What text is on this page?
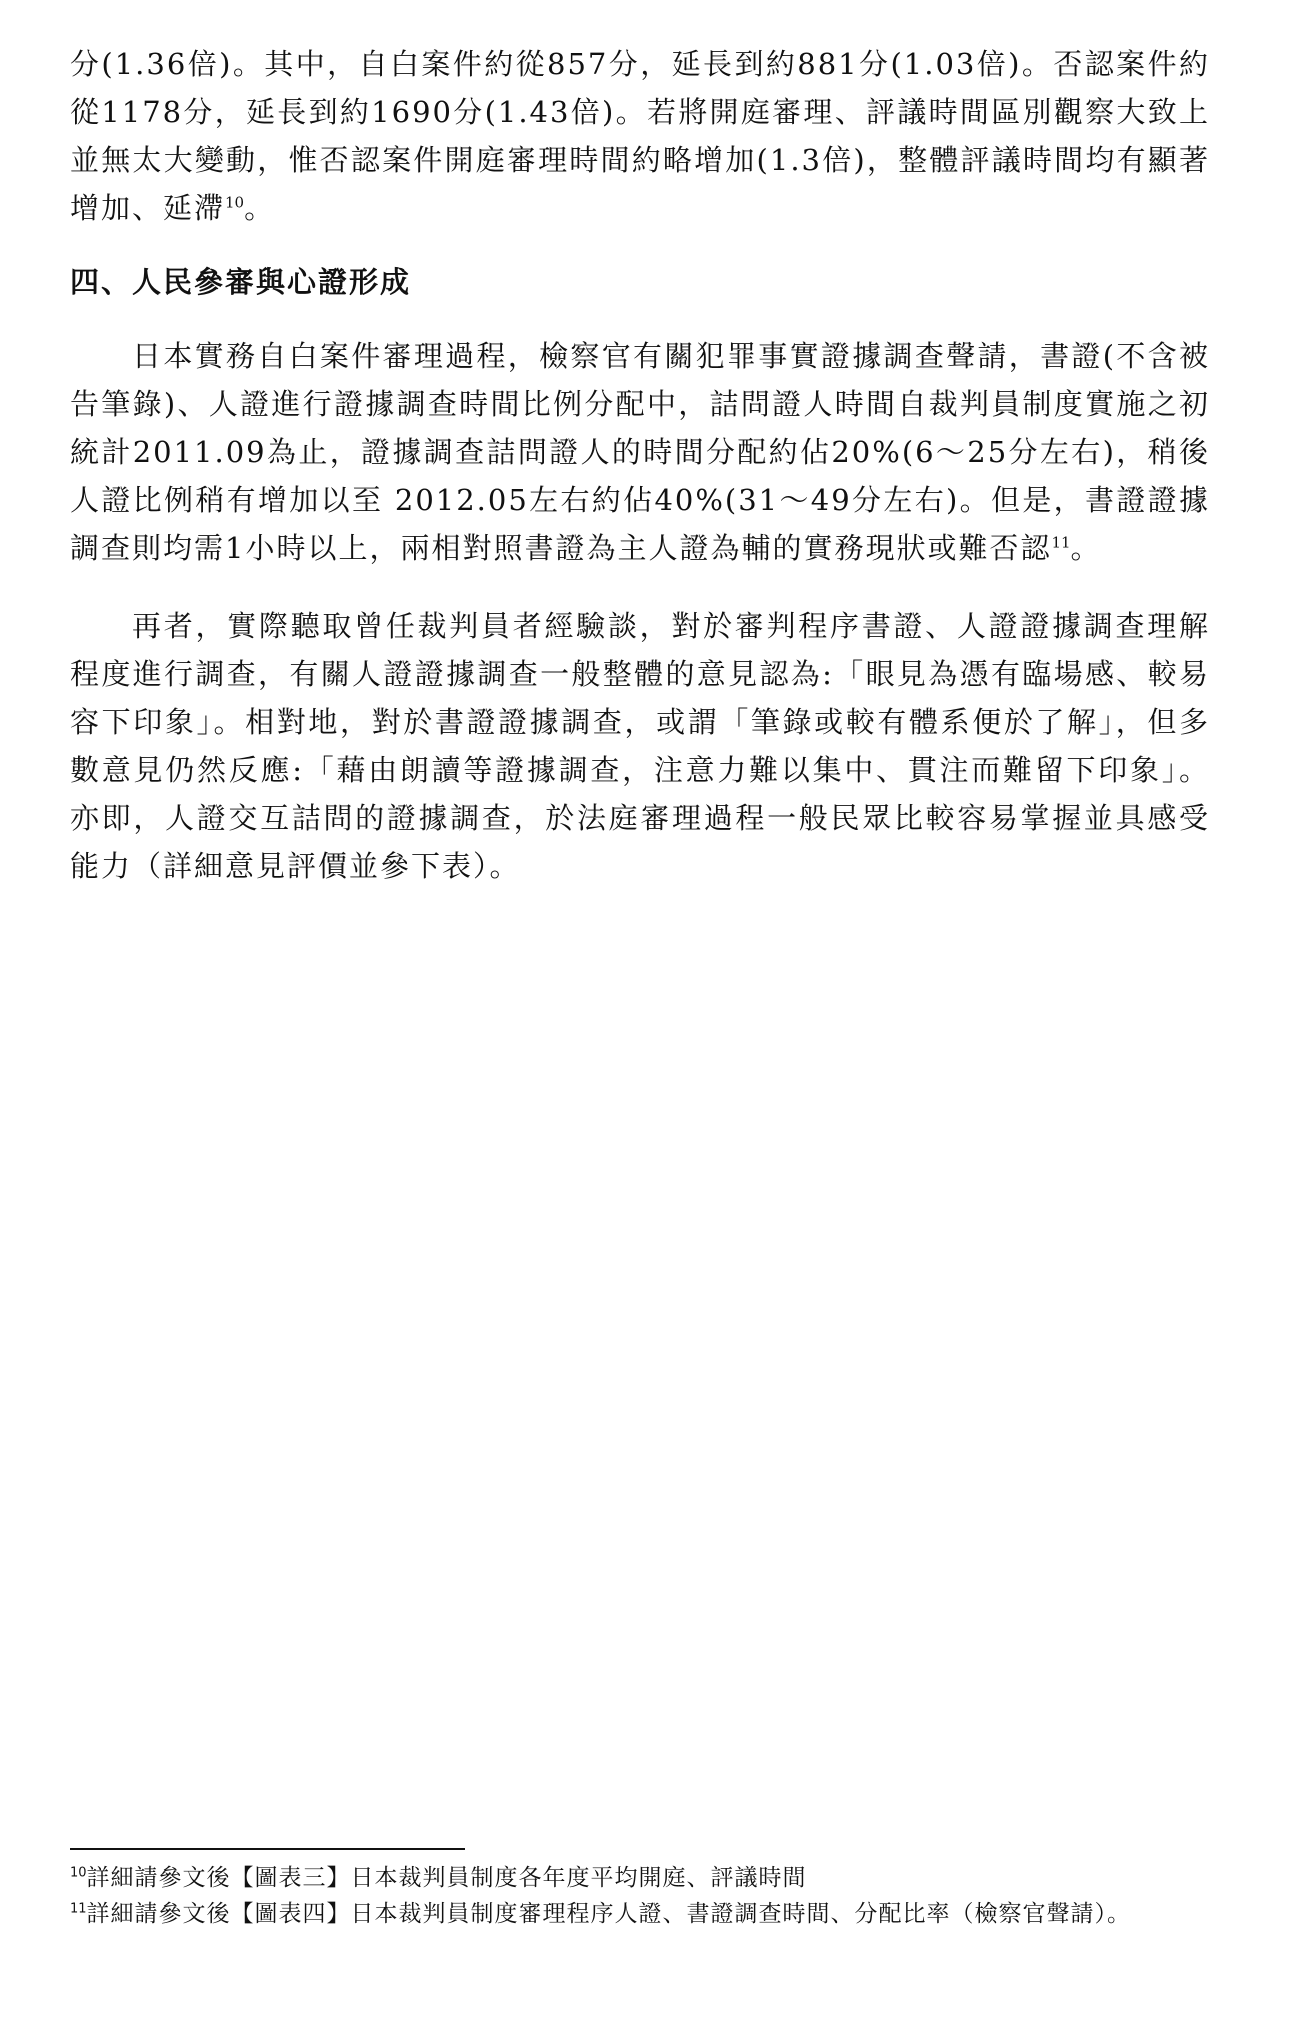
分(1.36倍)。其中，自白案件約從857分，延長到約881分(1.03倍)。否認案件約從1178分，延長到約1690分(1.43倍)。若將開庭審理、評議時間區別觀察大致上並無太大變動，惟否認案件開庭審理時間約略增加(1.3倍)，整體評議時間均有顯著增加、延滯$^{10}$。

四、人民參審與心證形成

日本實務自白案件審理過程，檢察官有關犯罪事實證據調查聲請，書證(不含被告筆錄)、人證進行證據調查時間比例分配中，詰問證人時間自裁判員制度實施之初統計2011.09為止，證據調查詰問證人的時間分配約佔20%(6～25分左右)，稍後人證比例稍有增加以至 2012.05左右約佔40%(31～49分左右)。但是，書證證據調查則均需1小時以上，兩相對照書證為主人證為輔的實務現狀或難否認$^{11}$。

再者，實際聽取曾任裁判員者經驗談，對於審判程序書證、人證證據調查理解程度進行調查，有關人證證據調查一般整體的意見認為:「眼見為憑有臨場感、較易容下印象」。相對地，對於書證證據調查，或謂「筆錄或較有體系便於了解」，但多數意見仍然反應:「藉由朗讀等證據調查，注意力難以集中、貫注而難留下印象」。亦即，人證交互詰問的證據調查，於法庭審理過程一般民眾比較容易掌握並具感受能力（詳細意見評價並參下表）。

$^{10}$詳細請參文後【圖表三】日本裁判員制度各年度平均開庭、評議時間

$^{11}$詳細請參文後【圖表四】日本裁判員制度審理程序人證、書證調查時間、分配比率（檢察官聲請）。
